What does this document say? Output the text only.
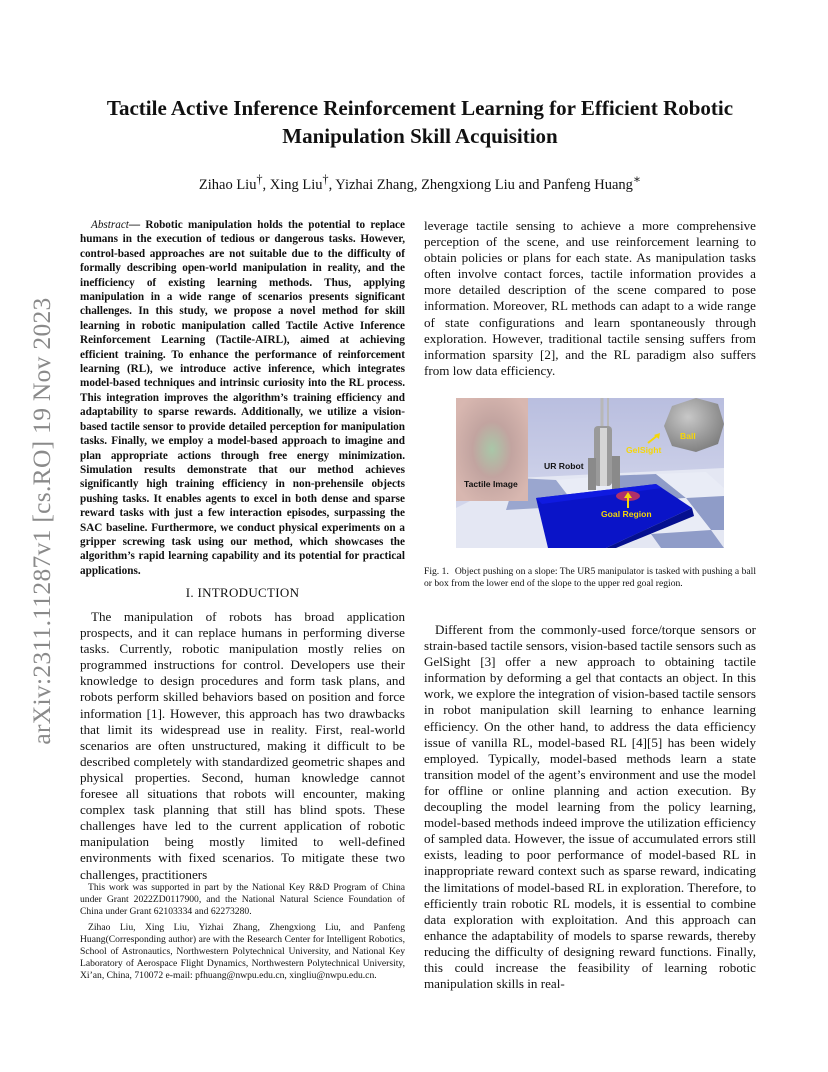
arXiv:2311.11287v1 [cs.RO] 19 Nov 2023
Tactile Active Inference Reinforcement Learning for Efficient Robotic
Manipulation Skill Acquisition
Zihao Liu†, Xing Liu†, Yizhai Zhang, Zhengxiong Liu and Panfeng Huang∗

Abstract— Robotic manipulation holds the potential to replace humans in the execution of tedious or dangerous tasks. However, control-based approaches are not suitable due to the difficulty of formally describing open-world manipulation in reality, and the inefficiency of existing learning methods. Thus, applying manipulation in a wide range of scenarios presents significant challenges. In this study, we propose a novel method for skill learning in robotic manipulation called Tactile Active Inference Reinforcement Learning (Tactile-AIRL), aimed at achieving efficient training. To enhance the performance of reinforcement learning (RL), we introduce active inference, which integrates model-based techniques and intrinsic curiosity into the RL process. This integration improves the algorithm’s training efficiency and adaptability to sparse rewards. Additionally, we utilize a vision-based tactile sensor to provide detailed perception for manipulation tasks. Finally, we employ a model-based approach to imagine and plan appropriate actions through free energy minimization. Simulation results demonstrate that our method achieves significantly high training efficiency in non-prehensile objects pushing tasks. It enables agents to excel in both dense and sparse reward tasks with just a few interaction episodes, surpassing the SAC baseline. Furthermore, we conduct physical experiments on a gripper screwing task using our method, which showcases the algorithm’s rapid learning capability and its potential for practical applications.

I. INTRODUCTION

The manipulation of robots has broad application prospects, and it can replace humans in performing diverse tasks. Currently, robotic manipulation mostly relies on programmed instructions for control. Developers use their knowledge to design procedures and form task plans, and robots perform skilled behaviors based on position and force information [1]. However, this approach has two drawbacks that limit its widespread use in reality. First, real-world scenarios are often unstructured, making it difficult to be described completely with standardized geometric shapes and physical properties. Second, human knowledge cannot foresee all situations that robots will encounter, making complex task planning that still has blind spots. These challenges have led to the current application of robotic manipulation being mostly limited to well-defined environments with fixed scenarios. To mitigate these two challenges, practitioners

This work was supported in part by the National Key R&D Program of China under Grant 2022ZD0117900, and the National Natural Science Foundation of China under Grant 62103334 and 62273280.

Zihao Liu, Xing Liu, Yizhai Zhang, Zhengxiong Liu, and Panfeng Huang(Corresponding author) are with the Research Center for Intelligent Robotics, School of Astronautics, Northwestern Polytechnical University, and National Key Laboratory of Aerospace Flight Dynamics, Northwestern Polytechnical University, Xi’an, China, 710072 e-mail: pfhuang@nwpu.edu.cn, xingliu@nwpu.edu.cn.

leverage tactile sensing to achieve a more comprehensive perception of the scene, and use reinforcement learning to obtain policies or plans for each state. As manipulation tasks often involve contact forces, tactile information provides a more detailed description of the scene compared to pose information. Moreover, RL methods can adapt to a wide range of state configurations and learn spontaneously through exploration. However, traditional tactile sensing suffers from information sparsity [2], and the RL paradigm also suffers from low data efficiency.

Tactile Image
Ball
UR Robot
GelSight
Goal Region
Fig. 1. Object pushing on a slope: The UR5 manipulator is tasked with pushing a ball or box from the lower end of the slope to the upper red goal region.

Different from the commonly-used force/torque sensors or strain-based tactile sensors, vision-based tactile sensors such as GelSight [3] offer a new approach to obtaining tactile information by deforming a gel that contacts an object. In this work, we explore the integration of vision-based tactile sensors in robot manipulation skill learning to enhance learning efficiency. On the other hand, to address the data efficiency issue of vanilla RL, model-based RL [4][5] has been widely employed. Typically, model-based methods learn a state transition model of the agent’s environment and use the model for offline or online planning and action execution. By decoupling the model learning from the policy learning, model-based methods indeed improve the utilization efficiency of sampled data. However, the issue of accumulated errors still exists, leading to poor performance of model-based RL in inappropriate reward context such as sparse reward, indicating the limitations of model-based RL in exploration. Therefore, to efficiently train robotic RL models, it is essential to combine data exploration with exploitation. And this approach can enhance the adaptability of models to sparse rewards, thereby reducing the difficulty of designing reward functions. Finally, this could increase the feasibility of learning robotic manipulation skills in real-
